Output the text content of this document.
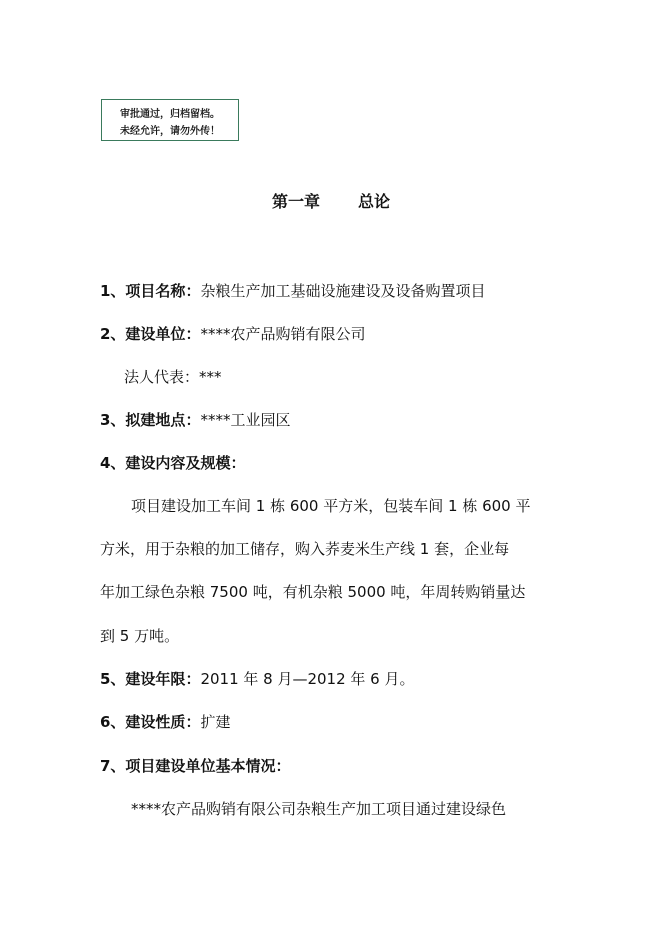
审批通过，归档留档。
未经允许，请勿外传！
第一章 总论
1、项目名称：杂粮生产加工基础设施建设及设备购置项目
2、建设单位：****农产品购销有限公司
法人代表：***
3、拟建地点：****工业园区
4、建设内容及规模：
项目建设加工车间 1 栋 600 平方米，包装车间 1 栋 600 平
方米，用于杂粮的加工储存，购入荞麦米生产线 1 套，企业每
年加工绿色杂粮 7500 吨，有机杂粮 5000 吨，年周转购销量达
到 5 万吨。
5、建设年限：2011 年 8 月—2012 年 6 月。
6、建设性质：扩建
7、项目建设单位基本情况：
****农产品购销有限公司杂粮生产加工项目通过建设绿色
